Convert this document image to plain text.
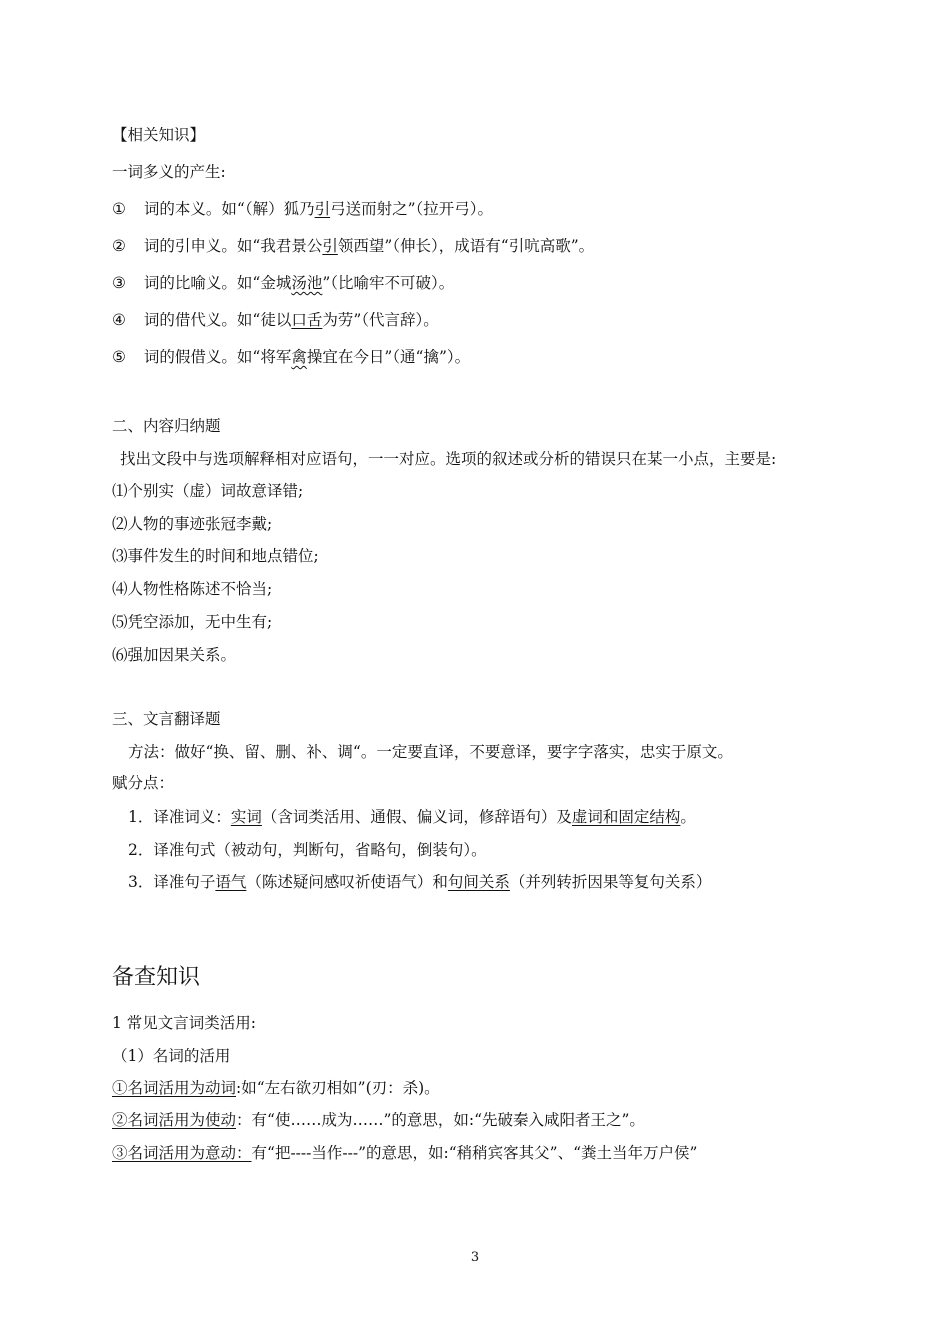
【相关知识】
一词多义的产生:
① 词的本义。如“（解）狐乃引弓送而射之”（拉开弓）。
② 词的引申义。如“我君景公引领西望”（伸长），成语有“引吭高歌”。
③ 词的比喻义。如“金城汤池”（比喻牢不可破）。
④ 词的借代义。如“徒以口舌为劳”（代言辞）。
⑤ 词的假借义。如“将军禽操宜在今日”（通“擒”）。
二、内容归纳题
找出文段中与选项解释相对应语句，一一对应。选项的叙述或分析的错误只在某一小点，主要是:
⑴个别实（虚）词故意译错;
⑵人物的事迹张冠李戴;
⑶事件发生的时间和地点错位;
⑷人物性格陈述不恰当;
⑸凭空添加，无中生有;
⑹强加因果关系。
三、文言翻译题
方法：做好“换、留、删、补、调“。一定要直译，不要意译，要字字落实，忠实于原文。
赋分点：
1．译准词义：实词（含词类活用、通假、偏义词，修辞语句）及虚词和固定结构。
2．译准句式（被动句，判断句，省略句，倒装句）。
3．译准句子语气（陈述疑问感叹祈使语气）和句间关系（并列转折因果等复句关系）
备查知识
1 常见文言词类活用:
（1）名词的活用
①名词活用为动词:如“左右欲刃相如”(刃：杀)。
②名词活用为使动：有“使……成为……”的意思，如:“先破秦入咸阳者王之”。
③名词活用为意动：有“把----当作---”的意思，如:“稍稍宾客其父”、“粪土当年万户侯”
3
